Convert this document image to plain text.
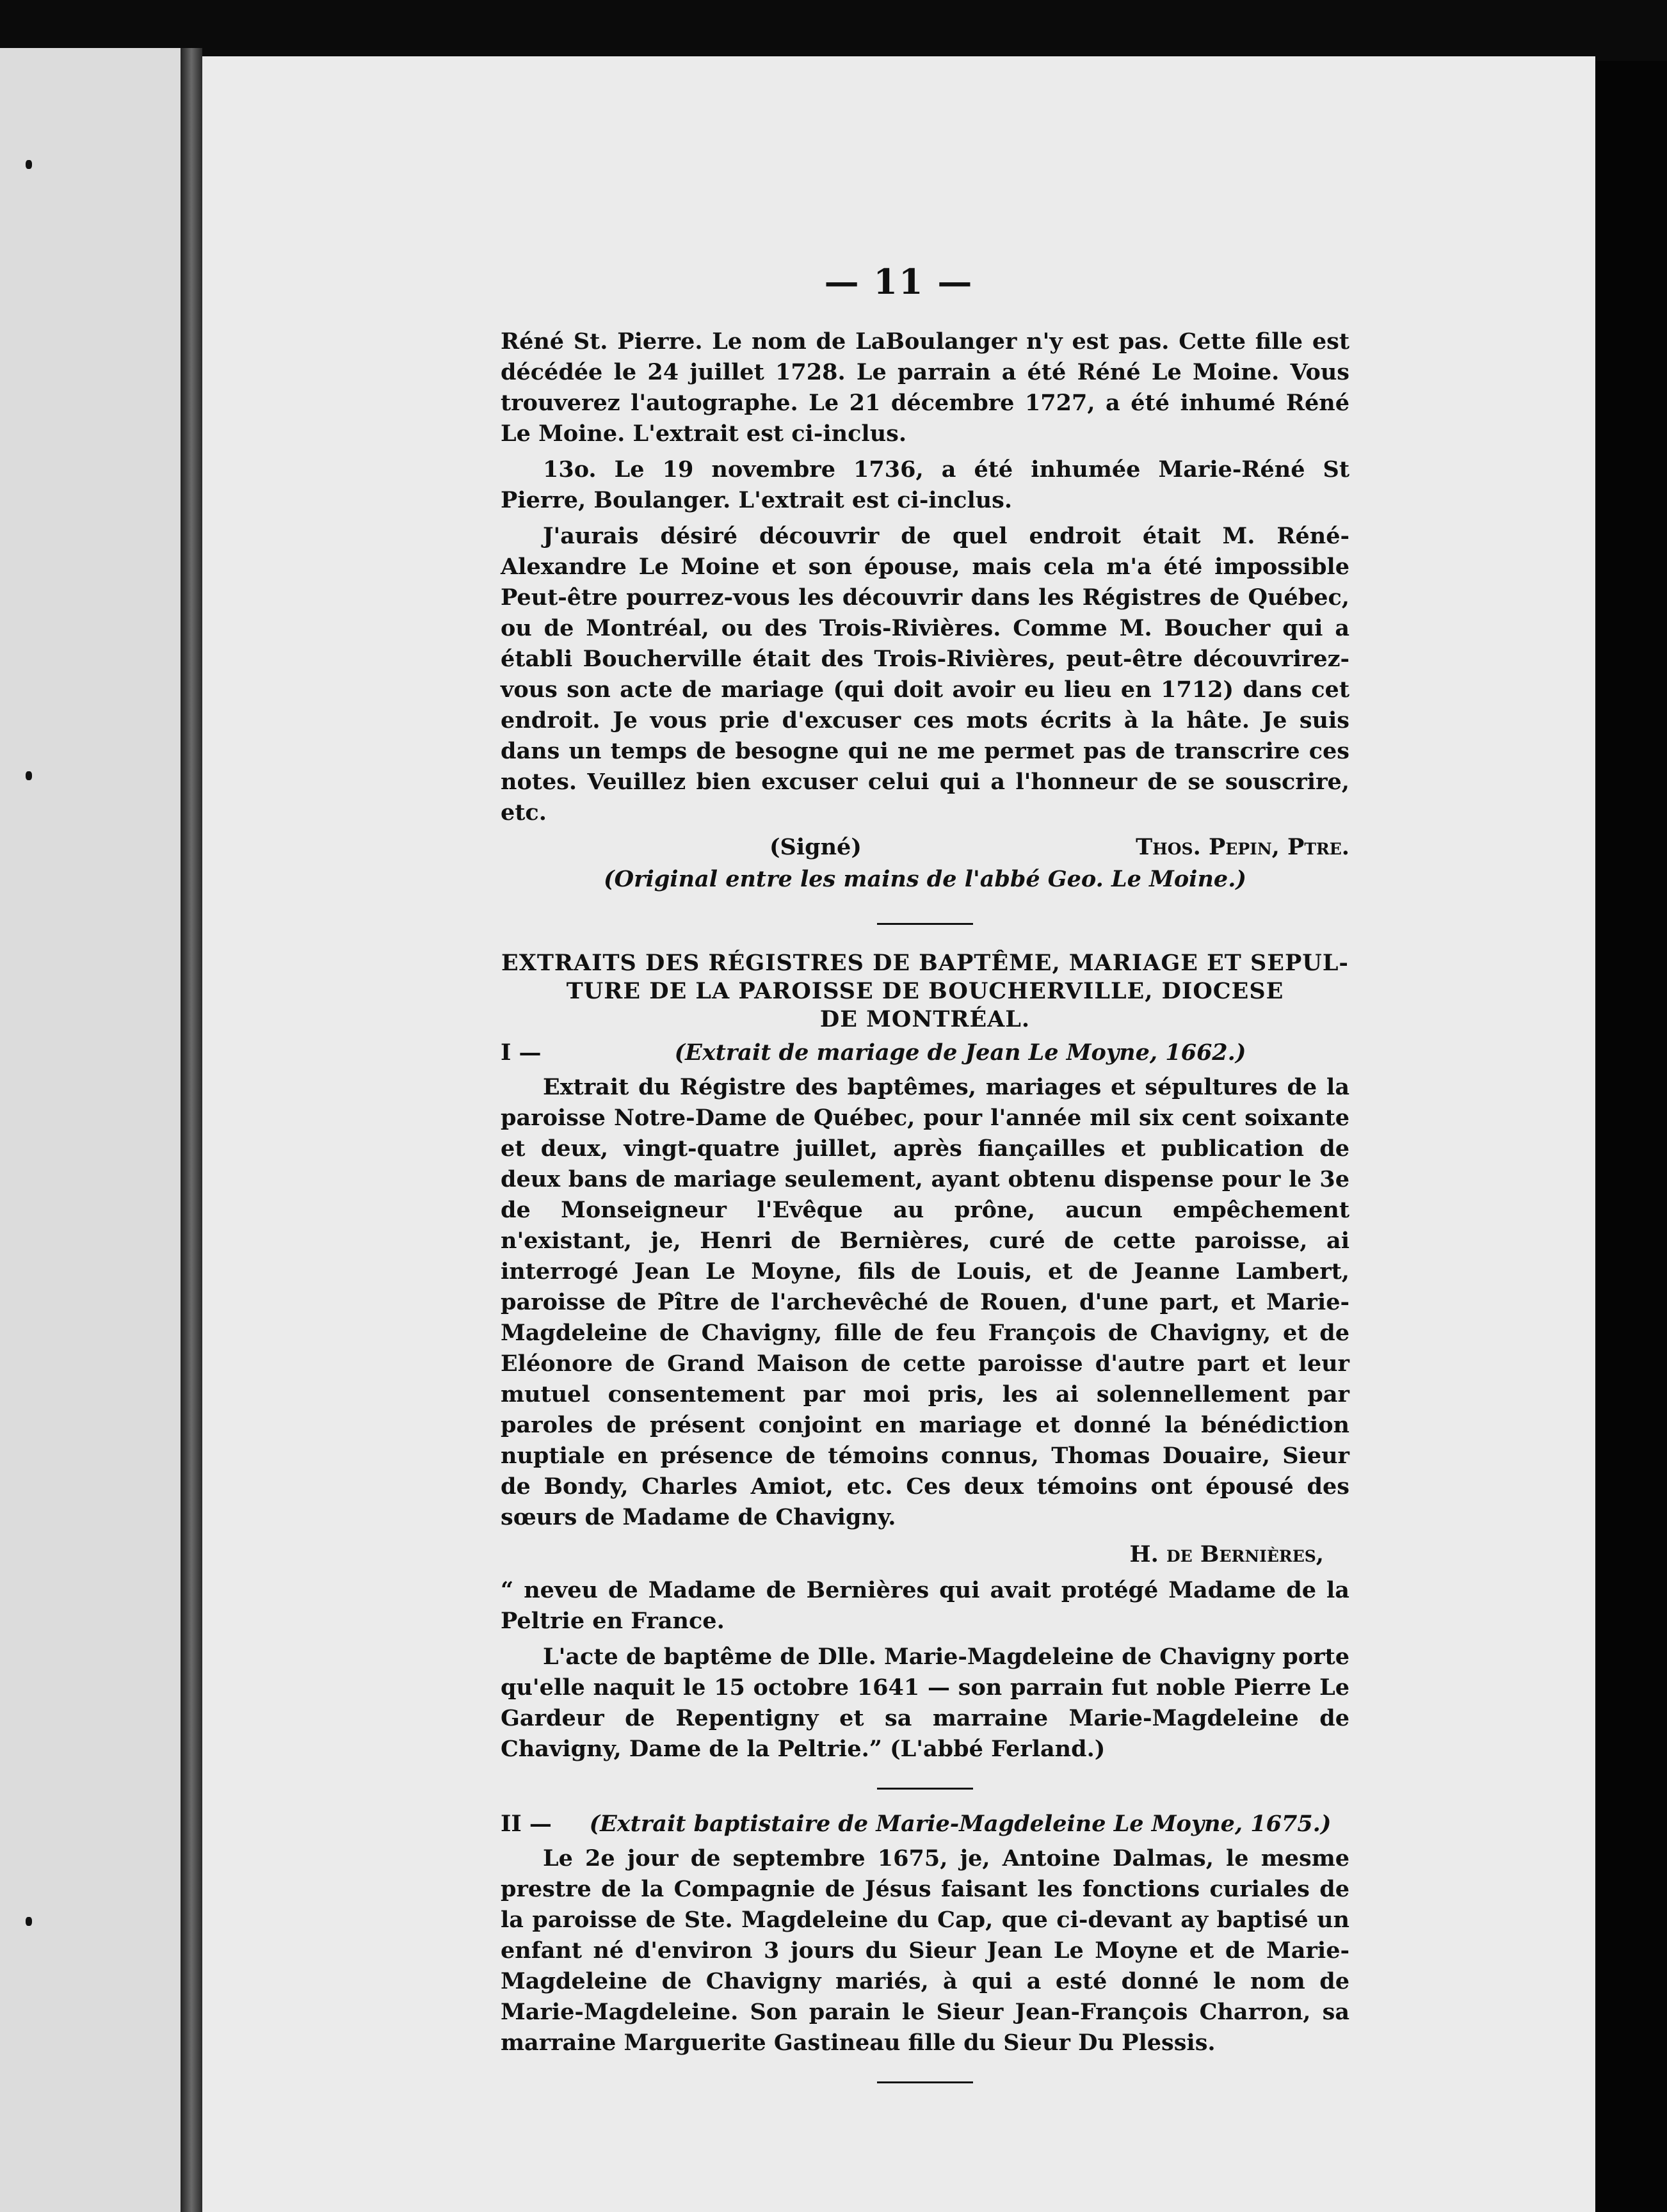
— 11 —

Réné St. Pierre. Le nom de LaBoulanger n'y est pas. Cette fille est décédée le 24 juillet 1728. Le parrain a été Réné Le Moine. Vous trouverez l'autographe. Le 21 décembre 1727, a été inhumé Réné Le Moine. L'extrait est ci-inclus.

13o. Le 19 novembre 1736, a été inhumée Marie-Réné St Pierre, Boulanger. L'extrait est ci-inclus.

J'aurais désiré découvrir de quel endroit était M. Réné-Alexandre Le Moine et son épouse, mais cela m'a été impossible Peut-être pourrez-vous les découvrir dans les Régistres de Québec, ou de Montréal, ou des Trois-Rivières. Comme M. Boucher qui a établi Boucherville était des Trois-Rivières, peut-être découvrirez-vous son acte de mariage (qui doit avoir eu lieu en 1712) dans cet endroit. Je vous prie d'excuser ces mots écrits à la hâte. Je suis dans un temps de besogne qui ne me permet pas de transcrire ces notes. Veuillez bien excuser celui qui a l'honneur de se souscrire, etc.

(Signé)	Thos. Pepin, Ptre.
(Original entre les mains de l'abbé Geo. Le Moine.)
EXTRAITS DES RÉGISTRES DE BAPTÊME, MARIAGE ET SEPUL-
TURE DE LA PAROISSE DE BOUCHERVILLE, DIOCESE
DE MONTRÉAL.
I —	(Extrait de mariage de Jean Le Moyne, 1662.)

Extrait du Régistre des baptêmes, mariages et sépultures de la paroisse Notre-Dame de Québec, pour l'année mil six cent soixante et deux, vingt-quatre juillet, après fiançailles et publication de deux bans de mariage seulement, ayant obtenu dispense pour le 3e de Monseigneur l'Evêque au prône, aucun empêchement n'existant, je, Henri de Bernières, curé de cette paroisse, ai interrogé Jean Le Moyne, fils de Louis, et de Jeanne Lambert, paroisse de Pître de l'archevêché de Rouen, d'une part, et Marie-Magdeleine de Chavigny, fille de feu François de Chavigny, et de Eléonore de Grand Maison de cette paroisse d'autre part et leur mutuel consentement par moi pris, les ai solennellement par paroles de présent conjoint en mariage et donné la bénédiction nuptiale en présence de témoins connus, Thomas Douaire, Sieur de Bondy, Charles Amiot, etc. Ces deux témoins ont épousé des sœurs de Madame de Chavigny.

H. de Bernières,

“ neveu de Madame de Bernières qui avait protégé Madame de la Peltrie en France.

L'acte de baptême de Dlle. Marie-Magdeleine de Chavigny porte qu'elle naquit le 15 octobre 1641 — son parrain fut noble Pierre Le Gardeur de Repentigny et sa marraine Marie-Magdeleine de Chavigny, Dame de la Peltrie.” (L'abbé Ferland.)

II —	(Extrait baptistaire de Marie-Magdeleine Le Moyne, 1675.)

Le 2e jour de septembre 1675, je, Antoine Dalmas, le mesme prestre de la Compagnie de Jésus faisant les fonctions curiales de la paroisse de Ste. Magdeleine du Cap, que ci-devant ay baptisé un enfant né d'environ 3 jours du Sieur Jean Le Moyne et de Marie-Magdeleine de Chavigny mariés, à qui a esté donné le nom de Marie-Magdeleine. Son parain le Sieur Jean-François Charron, sa marraine Marguerite Gastineau fille du Sieur Du Plessis.
